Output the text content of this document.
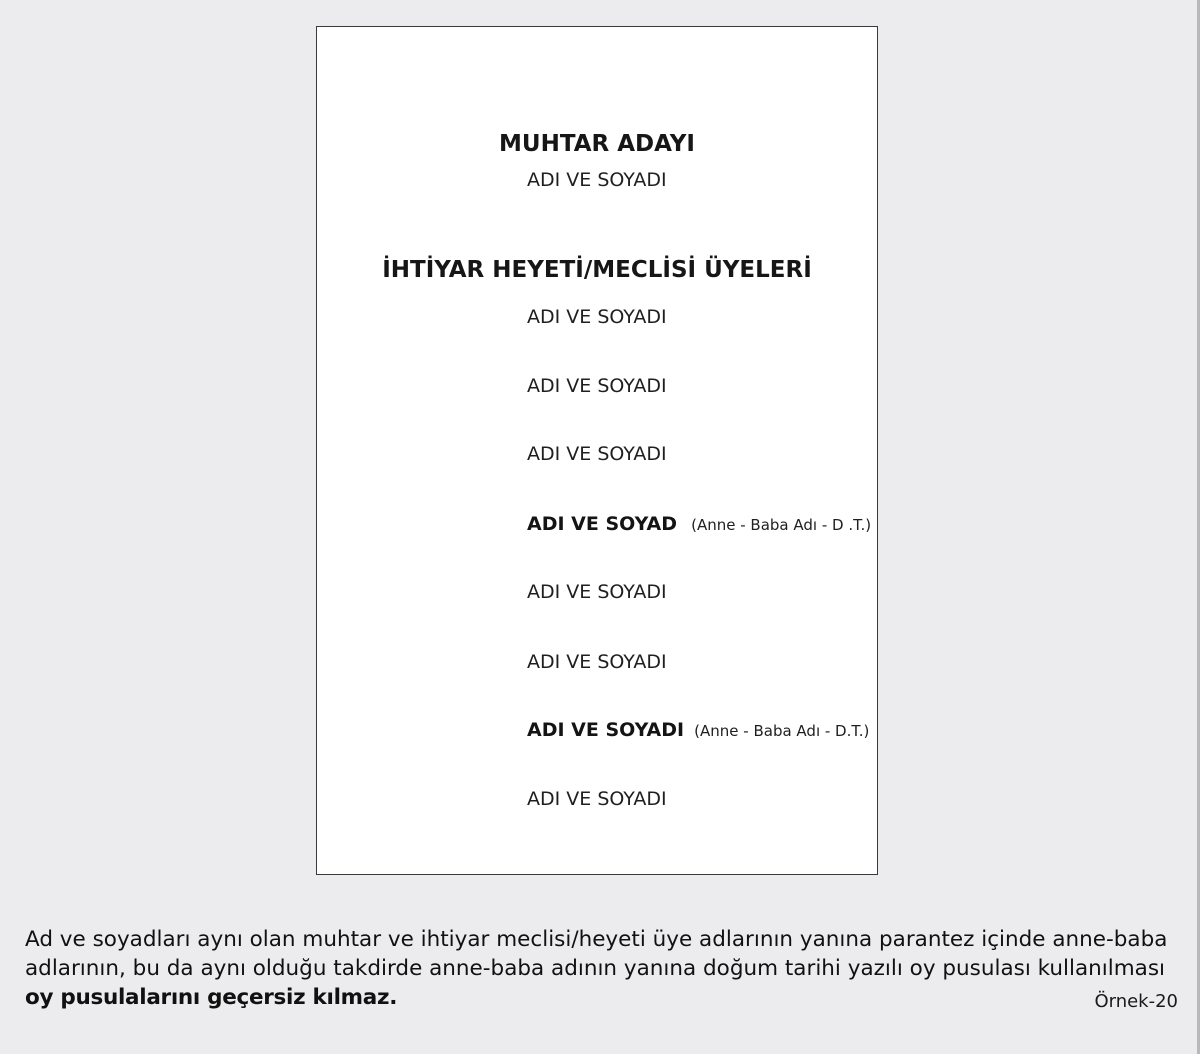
MUHTAR ADAYI
ADI VE SOYADI
İHTİYAR HEYETİ/MECLİSİ ÜYELERİ
ADI VE SOYADI
ADI VE SOYADI
ADI VE SOYADI
ADI VE SOYAD (Anne - Baba Adı - D .T.)
ADI VE SOYADI
ADI VE SOYADI
ADI VE SOYADI (Anne - Baba Adı - D.T.)
ADI VE SOYADI
Ad ve soyadları aynı olan muhtar ve ihtiyar meclisi/heyeti üye adlarının yanına parantez içinde anne-baba adlarının, bu da aynı olduğu takdirde anne-baba adının yanına doğum tarihi yazılı oy pusulası kullanılması
oy pusulalarını geçersiz kılmaz.	Örnek-20
